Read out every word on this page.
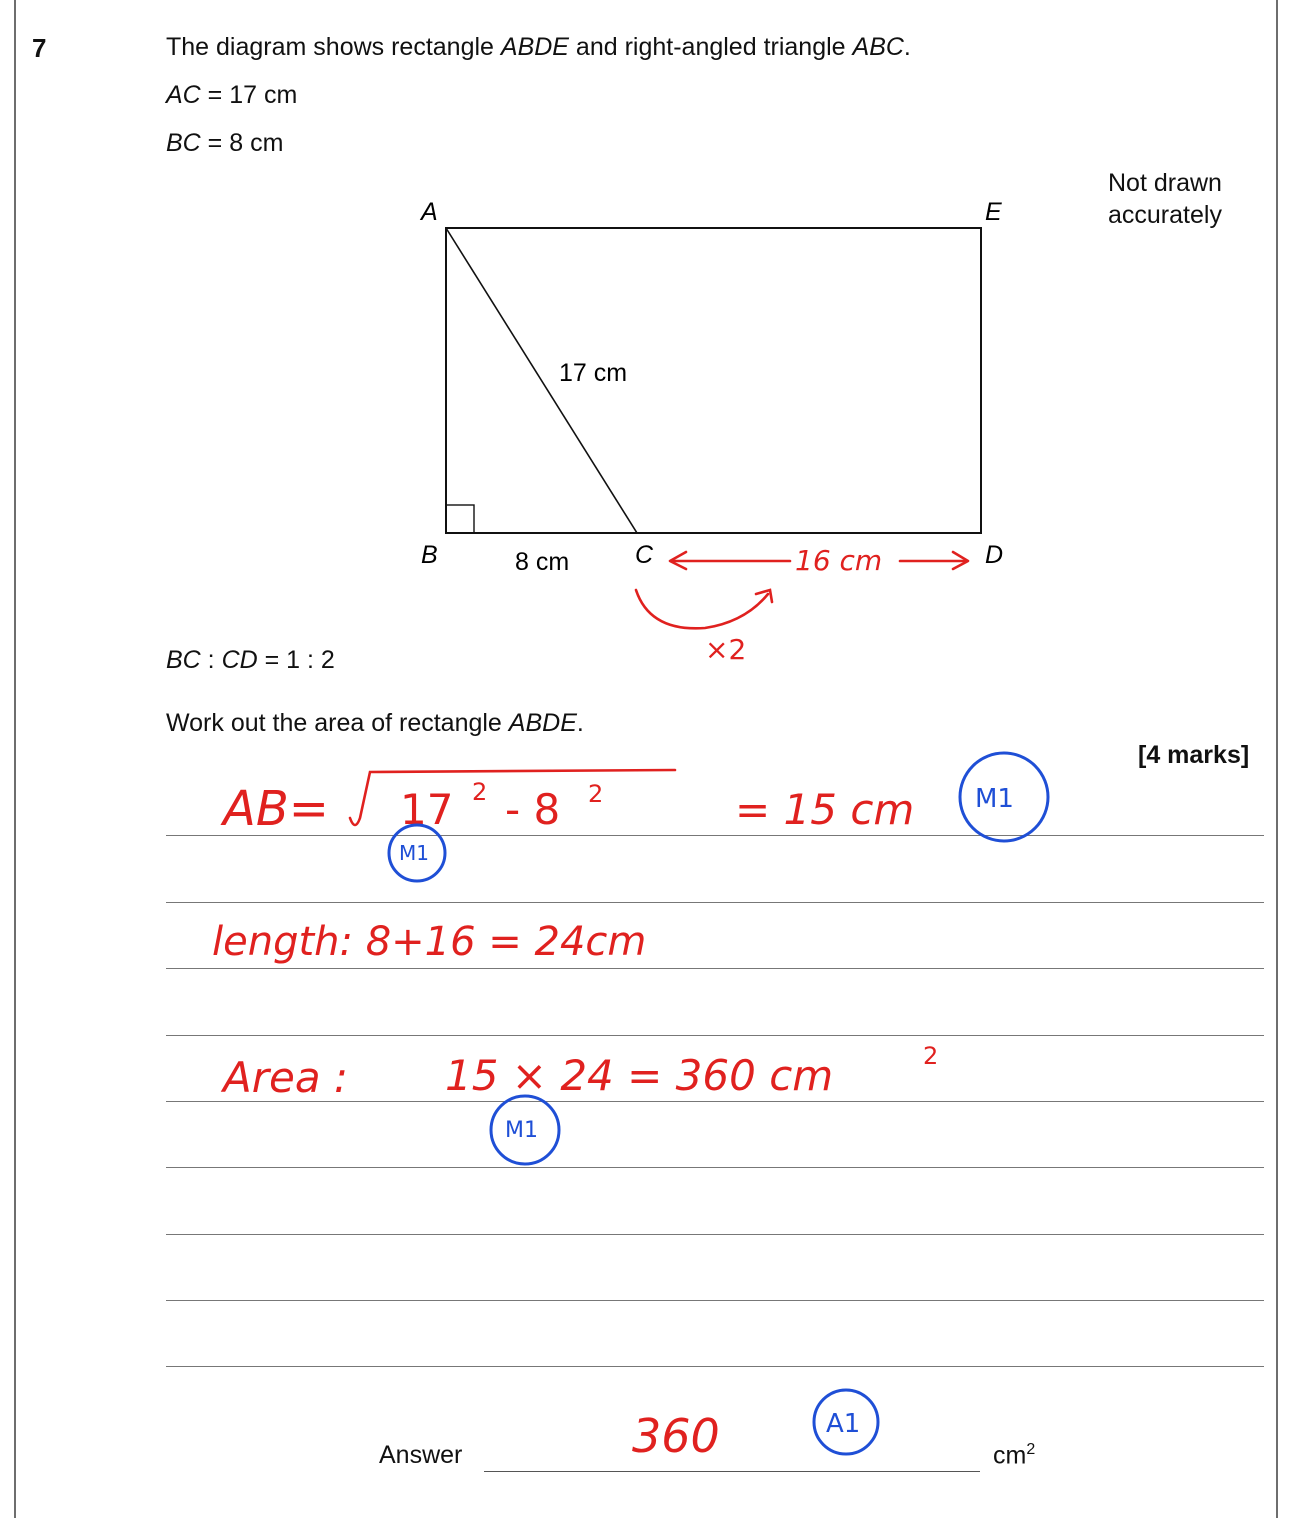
7	The diagram shows rectangle ABDE and right-angled triangle ABC.
AC = 17 cm
BC = 8 cm
Not drawn
accurately
BC : CD = 1 : 2
Work out the area of rectangle ABDE.
[4 marks]
Answer	$cm^2$
A	E
B	C	D
17 cm
8 cm	16 cm
×2
AB= 17 2 - 8 2	= 15 cm M1
M1
length: 8+16 = 24cm
Area : 15 × 24 = 360 cm	2
M1
360	A1
